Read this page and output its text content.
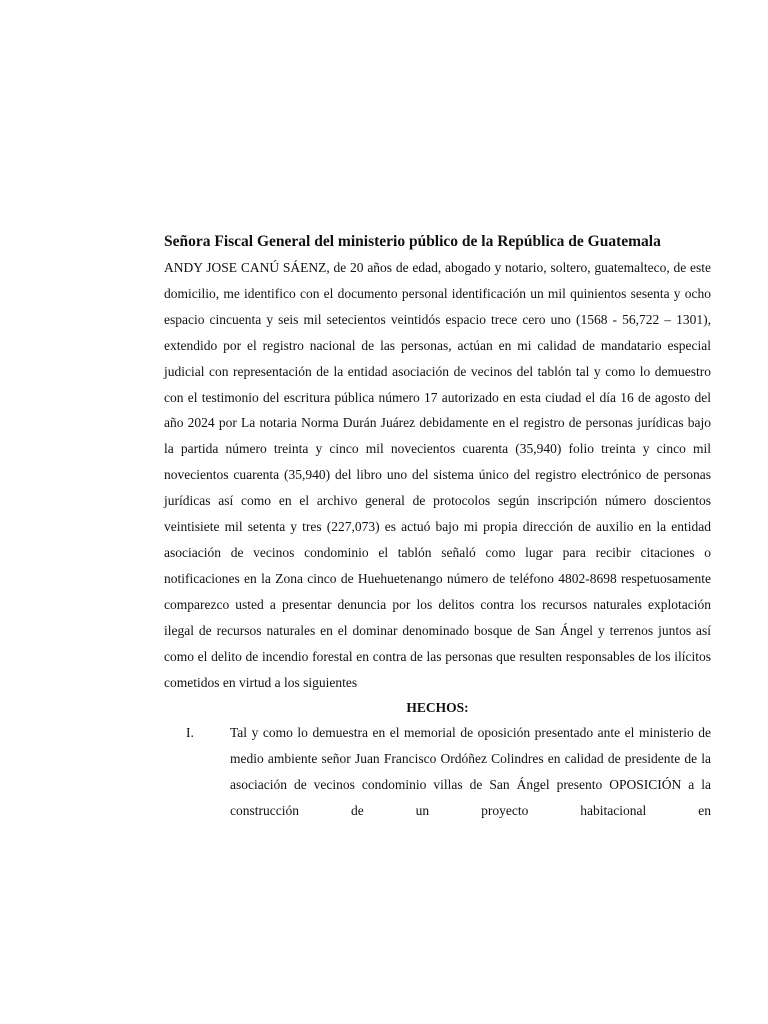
Señora Fiscal General del ministerio público de la República de Guatemala

ANDY JOSE CANÚ SÁENZ, de 20 años de edad, abogado y notario, soltero, guatemalteco, de este domicilio, me identifico con el documento personal identificación un mil quinientos sesenta y ocho espacio cincuenta y seis mil setecientos veintidós espacio trece cero uno (1568 - 56,722 – 1301), extendido por el registro nacional de las personas, actúan en mi calidad de mandatario especial judicial con representación de la entidad asociación de vecinos del tablón tal y como lo demuestro con el testimonio del escritura pública número 17 autorizado en esta ciudad el día 16 de agosto del año 2024 por La notaria Norma Durán Juárez debidamente en el registro de personas jurídicas bajo la partida número treinta y cinco mil novecientos cuarenta (35,940) folio treinta y cinco mil novecientos cuarenta (35,940) del libro uno del sistema único del registro electrónico de personas jurídicas así como en el archivo general de protocolos según inscripción número doscientos veintisiete mil setenta y tres (227,073) es actuó bajo mi propia dirección de auxilio en la entidad asociación de vecinos condominio el tablón señaló como lugar para recibir citaciones o notificaciones en la Zona cinco de Huehuetenango número de teléfono 4802-8698 respetuosamente comparezco usted a presentar denuncia por los delitos contra los recursos naturales explotación ilegal de recursos naturales en el dominar denominado bosque de San Ángel y terrenos juntos así como el delito de incendio forestal en contra de las personas que resulten responsables de los ilícitos cometidos en virtud a los siguientes

HECHOS:

I.	Tal y como lo demuestra en el memorial de oposición presentado ante el ministerio de medio ambiente señor Juan Francisco Ordóñez Colindres en calidad de presidente de la asociación de vecinos condominio villas de San Ángel presento OPOSICIÓN a la construcción de un proyecto habitacional en
